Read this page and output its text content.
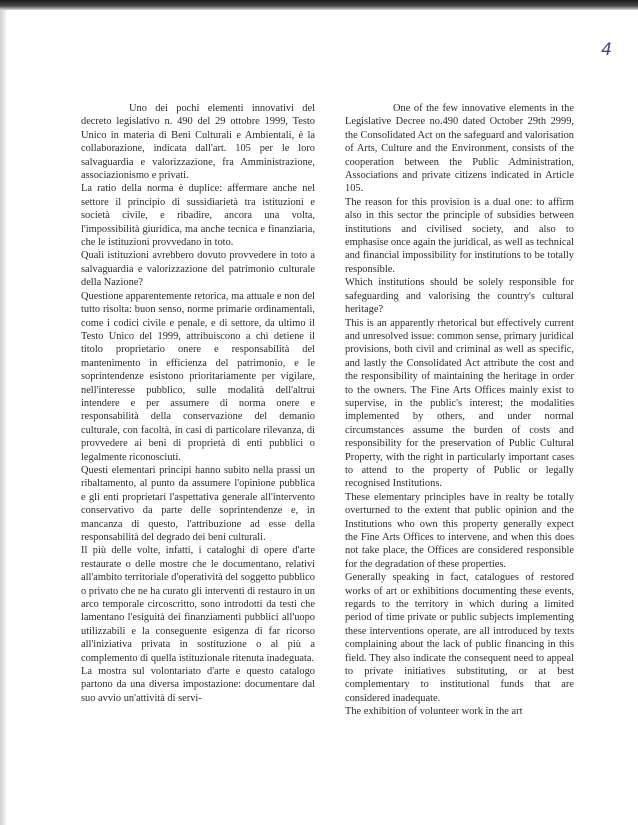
4

Uno dei pochi elementi innovativi del decreto legislativo n. 490 del 29 ottobre 1999, Testo Unico in materia di Beni Culturali e Ambientali, è la collaborazione, indicata dall'art. 105 per le loro salvaguardia e valorizzazione, fra Amministrazione, associazionismo e privati.

La ratio della norma è duplice: affermare anche nel settore il principio di sussidiarietà tra istituzioni e società civile, e ribadire, ancora una volta, l'impossibilità giuridica, ma anche tecnica e finanziaria, che le istituzioni provvedano in toto.

Quali istituzioni avrebbero dovuto provvedere in toto a salvaguardia e valorizzazione del patrimonio culturale della Nazione?

Questione apparentemente retorica, ma attuale e non del tutto risolta: buon senso, norme primarie ordinamentali, come i codici civile e penale, e di settore, da ultimo il Testo Unico del 1999, attribuiscono a chi detiene il titolo proprietario onere e responsabilità del mantenimento in efficienza del patrimonio, e le soprintendenze esistono prioritariamente per vigilare, nell'interesse pubblico, sulle modalità dell'altrui intendere e per assumere di norma onere e responsabilità della conservazione del demanio culturale, con facoltà, in casi di particolare rilevanza, di provvedere ai beni di proprietà di enti pubblici o legalmente riconosciuti.

Questi elementari principi hanno subito nella prassi un ribaltamento, al punto da assumere l'opinione pubblica e gli enti proprietari l'aspettativa generale all'intervento conservativo da parte delle soprintendenze e, in mancanza di questo, l'attribuzione ad esse della responsabilità del degrado dei beni culturali.

Il più delle volte, infatti, i cataloghi di opere d'arte restaurate o delle mostre che le documentano, relativi all'ambito territoriale d'operatività del soggetto pubblico o privato che ne ha curato gli interventi di restauro in un arco temporale circoscritto, sono introdotti da testi che lamentano l'esiguità dei finanziamenti pubblici all'uopo utilizzabili e la conseguente esigenza di far ricorso all'iniziativa privata in sostituzione o al più a complemento di quella istituzionale ritenuta inadeguata.

La mostra sul volontariato d'arte e questo catalogo partono da una diversa impostazione: documentare dal suo avvio un'attività di servi-

One of the few innovative elements in the Legislative Decree no.490 dated October 29th 2999, the Consolidated Act on the safeguard and valorisation of Arts, Culture and the Environment, consists of the cooperation between the Public Administration, Associations and private citizens indicated in Article 105.

The reason for this provision is a dual one: to affirm also in this sector the principle of subsidies between institutions and civilised society, and also to emphasise once again the juridical, as well as technical and financial impossibility for institutions to be totally responsible.

Which institutions should be solely responsible for safeguarding and valorising the country's cultural heritage?

This is an apparently rhetorical but effectively current and unresolved issue: common sense, primary juridical provisions, both civil and criminal as well as specific, and lastly the Consolidated Act attribute the cost and the responsibility of maintaining the heritage in order to the owners. The Fine Arts Offices mainly exist to supervise, in the public's interest; the modalities implemented by others, and under normal circumstances assume the burden of costs and responsibility for the preservation of Public Cultural Property, with the right in particularly important cases to attend to the property of Public or legally recognised Institutions.

These elementary principles have in realty be totally overturned to the extent that public opinion and the Institutions who own this property generally expect the Fine Arts Offices to intervene, and when this does not take place, the Offices are considered responsible for the degradation of these properties.

Generally speaking in fact, catalogues of restored works of art or exhibitions documenting these events, regards to the territory in which during a limited period of time private or public subjects implementing these interventions operate, are all introduced by texts complaining about the lack of public financing in this field. They also indicate the consequent need to appeal to private initiatives substituting, or at best complementary to institutional funds that are considered inadequate.

The exhibition of volunteer work in the art
